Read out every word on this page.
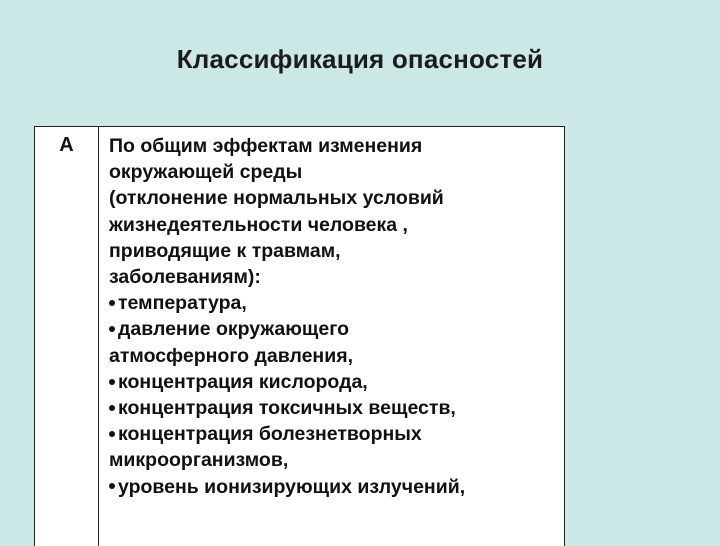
Классификация опасностей
А	По общим эффектам изменения
окружающей среды
(отклонение нормальных условий
жизнедеятельности человека ,
приводящие к травмам,
заболеваниям):
температура,
давление окружающего
атмосферного давления,
концентрация кислорода,
концентрация токсичных веществ,
концентрация болезнетворных
микроорганизмов,
уровень ионизирующих излучений,
